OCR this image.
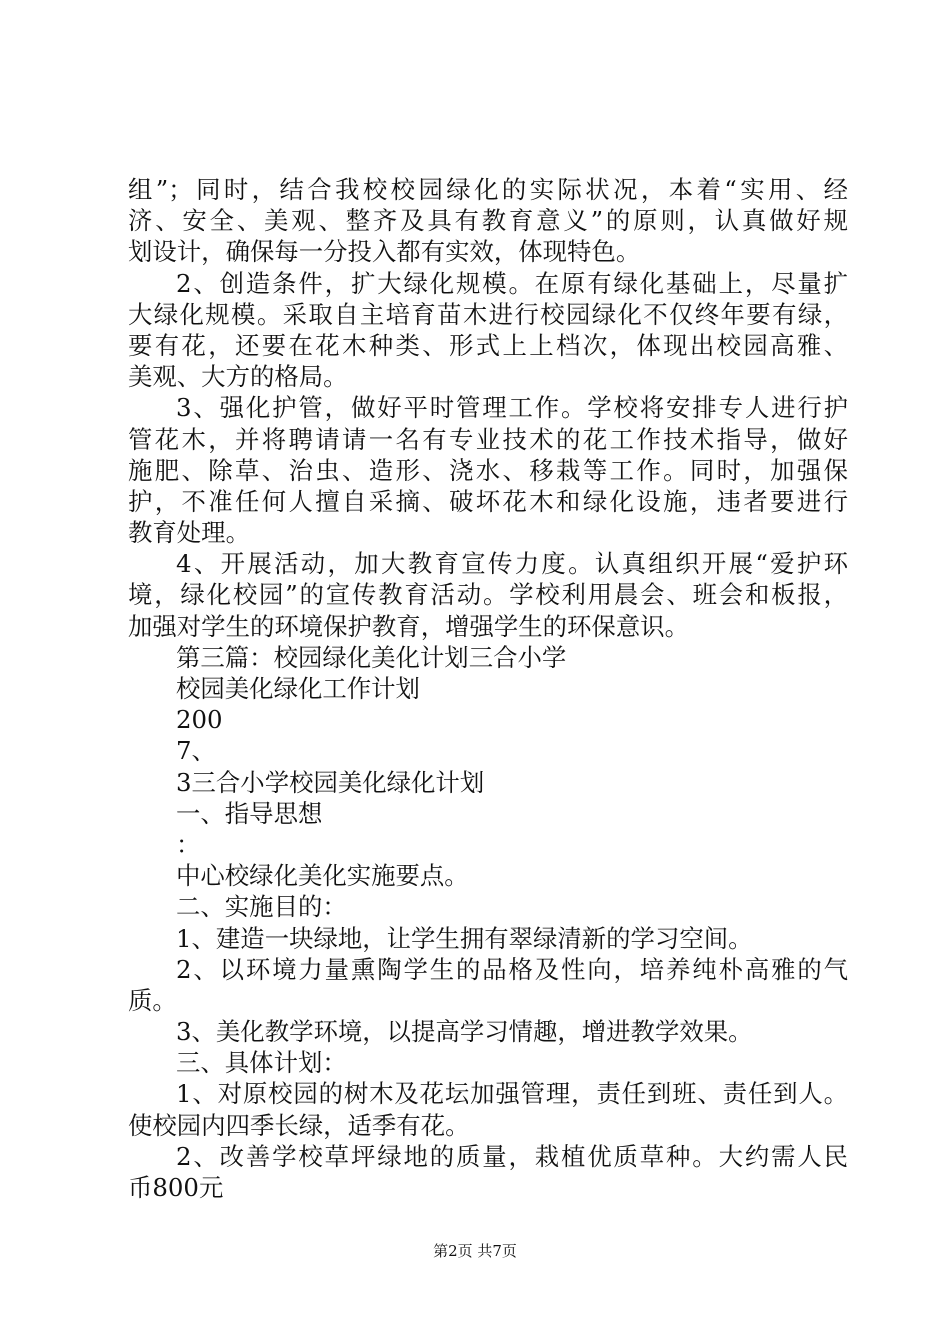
组”；同时，结合我校校园绿化的实际状况，本着“实用、经
济、安全、美观、整齐及具有教育意义”的原则，认真做好规
划设计，确保每一分投入都有实效，体现特色。
2、创造条件，扩大绿化规模。在原有绿化基础上，尽量扩
大绿化规模。采取自主培育苗木进行校园绿化不仅终年要有绿，
要有花，还要在花木种类、形式上上档次，体现出校园高雅、
美观、大方的格局。
3、强化护管，做好平时管理工作。学校将安排专人进行护
管花木，并将聘请请一名有专业技术的花工作技术指导，做好
施肥、除草、治虫、造形、浇水、移栽等工作。同时，加强保
护，不准任何人擅自采摘、破坏花木和绿化设施，违者要进行
教育处理。
4、开展活动，加大教育宣传力度。认真组织开展“爱护环
境，绿化校园”的宣传教育活动。学校利用晨会、班会和板报，
加强对学生的环境保护教育，增强学生的环保意识。
第三篇：校园绿化美化计划三合小学
校园美化绿化工作计划
200
7、
3三合小学校园美化绿化计划
一、指导思想
：
中心校绿化美化实施要点。
二、实施目的：
1、建造一块绿地，让学生拥有翠绿清新的学习空间。
2、以环境力量熏陶学生的品格及性向，培养纯朴高雅的气
质。
3、美化教学环境，以提高学习情趣，增进教学效果。
三、具体计划：
1、对原校园的树木及花坛加强管理，责任到班、责任到人。
使校园内四季长绿，适季有花。
2、改善学校草坪绿地的质量，栽植优质草种。大约需人民
币800元
第2页 共7页
